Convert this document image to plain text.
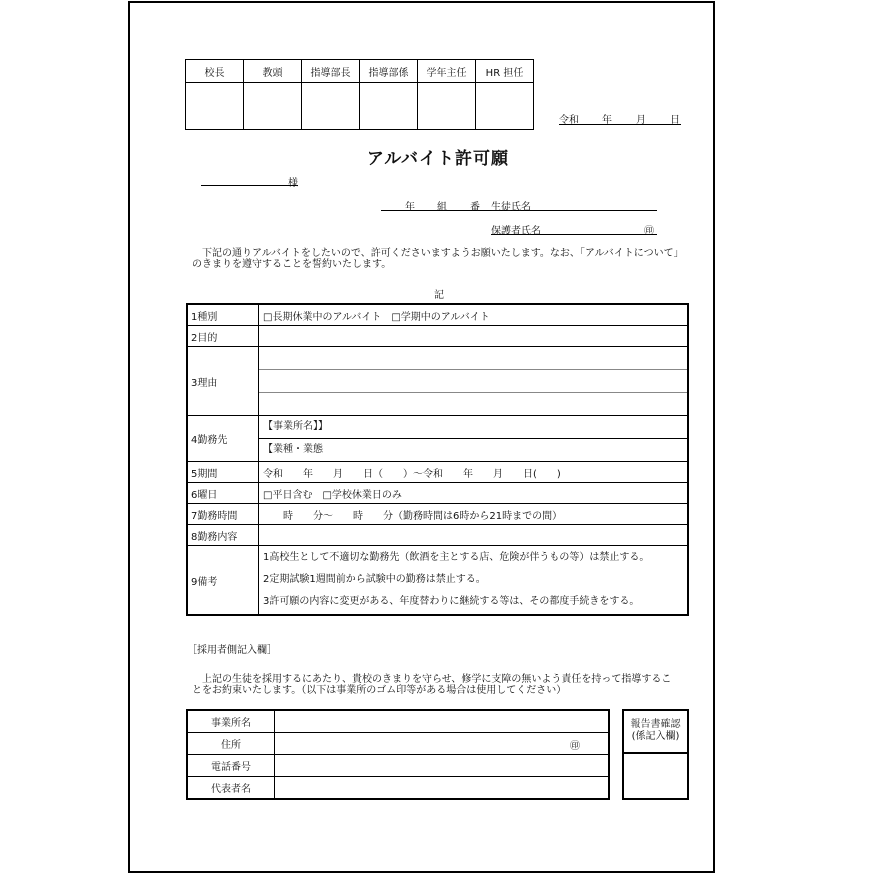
校長	教頭	指導部長	指導部係	学年主任	HR 担任

令和 年 月 日
アルバイト許可願
様
年 組 番 生徒氏名
保護者氏名	㊞
下記の通りアルバイトをしたいので、許可くださいますようお願いたします。なお、「アルバイトについて」のきまりを遵守することを誓約いたします。
記
1種別	□長期休業中のアルバイト　□学期中のアルバイト
2目的	
3理由	

4勤務先	【事業所名】】
【業種・業態

5期間	令和　　年　　月　　日（　　）～令和　　年　　月　　日(　　)
6曜日	□平日含む　□学校休業日のみ
7勤務時間	　　時　　分～　　時　　分（勤務時間は6時から21時までの間）
8勤務内容	
9備考	1高校生として不適切な勤務先（飲酒を主とする店、危険が伴うもの等）は禁止する。
2定期試験1週間前から試験中の勤務は禁止する。
3許可願の内容に変更がある、年度替わりに継続する等は、その都度手続きをする。
［採用者側記入欄］
上記の生徒を採用するにあたり、貴校のきまりを守らせ、修学に支障の無いよう責任を持って指導することをお約束いたします。（以下は事業所のゴム印等がある場合は使用してください）
事業所名	
住所	㊞

電話番号	
代表者名	
報告書確認
(係記入欄)
